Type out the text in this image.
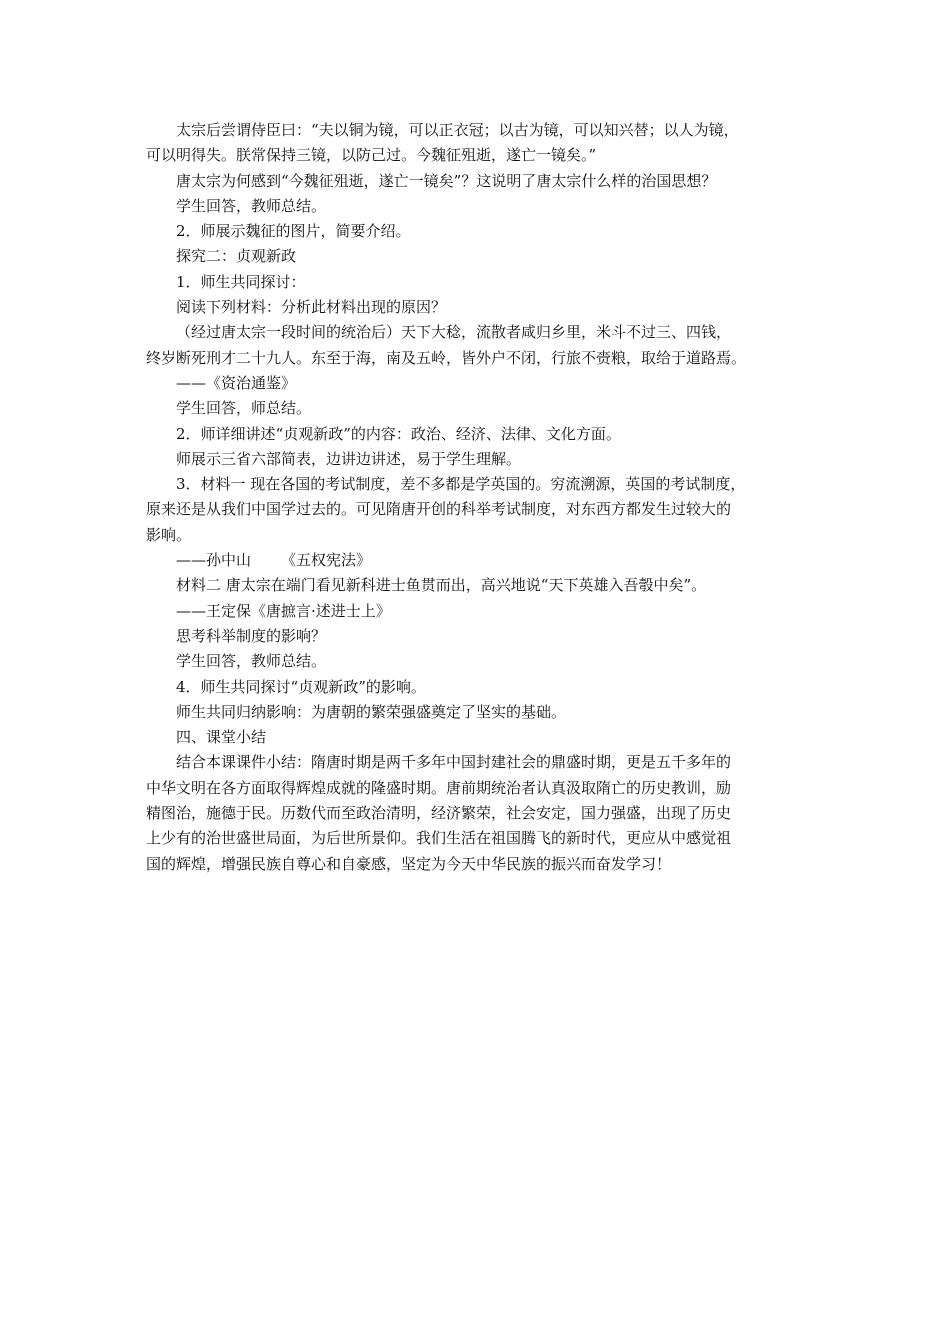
太宗后尝谓侍臣曰：“夫以铜为镜，可以正衣冠；以古为镜，可以知兴替；以人为镜，
可以明得失。朕常保持三镜，以防己过。今魏征殂逝，遂亡一镜矣。”
唐太宗为何感到“今魏征殂逝，遂亡一镜矣”？这说明了唐太宗什么样的治国思想？
学生回答，教师总结。
2．师展示魏征的图片，简要介绍。
探究二：贞观新政
1．师生共同探讨：
阅读下列材料：分析此材料出现的原因？
（经过唐太宗一段时间的统治后）天下大稔，流散者咸归乡里，米斗不过三、四钱，
终岁断死刑才二十九人。东至于海，南及五岭，皆外户不闭，行旅不赍粮，取给于道路焉。
——《资治通鉴》
学生回答，师总结。
2．师详细讲述“贞观新政”的内容：政治、经济、法律、文化方面。
师展示三省六部简表，边讲边讲述，易于学生理解。
3．材料一 现在各国的考试制度，差不多都是学英国的。穷流溯源，英国的考试制度，
原来还是从我们中国学过去的。可见隋唐开创的科举考试制度，对东西方都发生过较大的
影响。
——孙中山 《五权宪法》
材料二 唐太宗在端门看见新科进士鱼贯而出，高兴地说“天下英雄入吾彀中矣”。
——王定保《唐摭言·述进士上》
思考科举制度的影响？
学生回答，教师总结。
4．师生共同探讨“贞观新政”的影响。
师生共同归纳影响：为唐朝的繁荣强盛奠定了坚实的基础。
四、课堂小结
结合本课课件小结：隋唐时期是两千多年中国封建社会的鼎盛时期，更是五千多年的
中华文明在各方面取得辉煌成就的隆盛时期。唐前期统治者认真汲取隋亡的历史教训，励
精图治，施德于民。历数代而至政治清明，经济繁荣，社会安定，国力强盛，出现了历史
上少有的治世盛世局面，为后世所景仰。我们生活在祖国腾飞的新时代，更应从中感觉祖
国的辉煌，增强民族自尊心和自豪感，坚定为今天中华民族的振兴而奋发学习！
